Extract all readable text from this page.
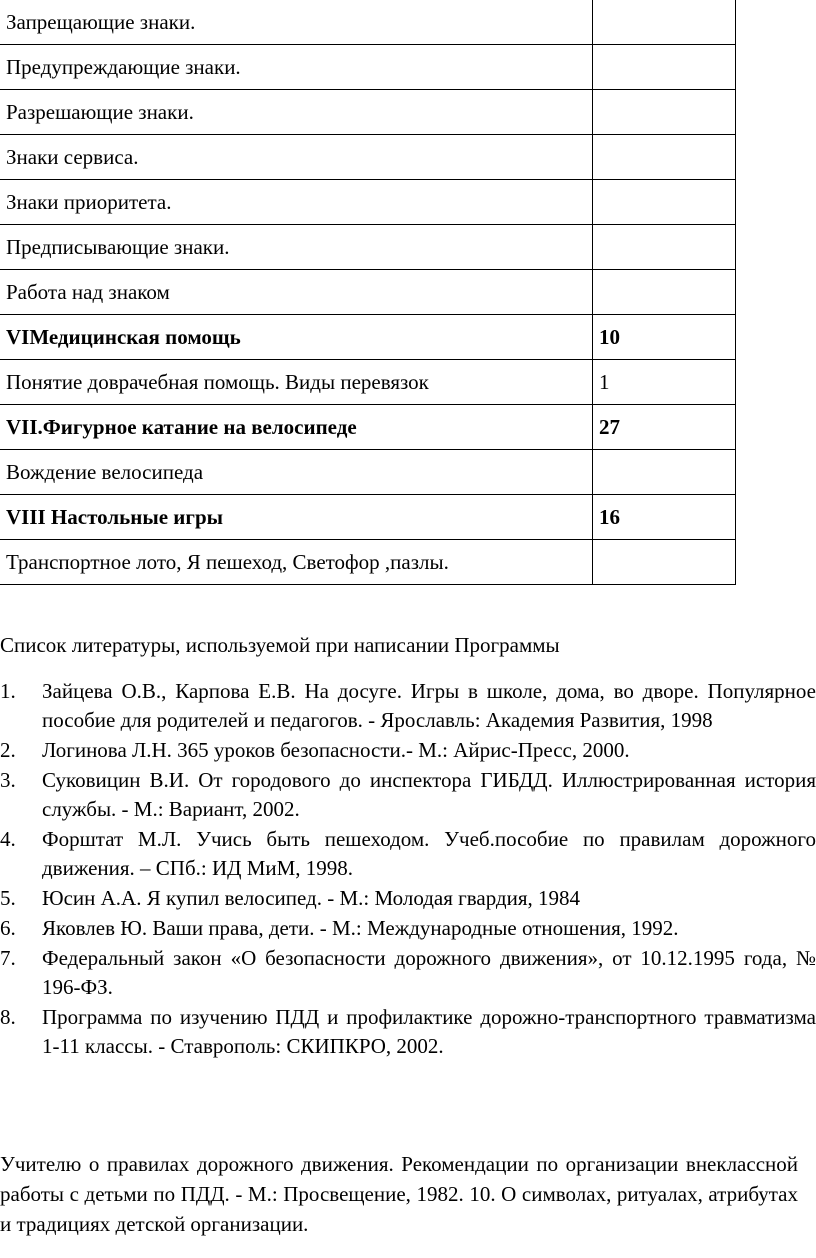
Запрещающие знаки.	
Предупреждающие знаки.	
Разрешающие знаки.	
Знаки сервиса.	
Знаки приоритета.	
Предписывающие знаки.	
Работа над знаком	
VIМедицинская помощь	10
Понятие доврачебная помощь. Виды перевязок	1
VII.Фигурное катание на велосипеде	27
Вождение велосипеда	
VIII Настольные игры	16
Транспортное лото, Я пешеход, Светофор ,пазлы.	
Список литературы, используемой при написании Программы
1. Зайцева О.В., Карпова Е.В. На досуге. Игры в школе, дома, во дворе. Популярное пособие для родителей и педагогов. - Ярославль: Академия Развития, 1998
2. Логинова Л.Н. 365 уроков безопасности.- М.: Айрис-Пресс, 2000.
3. Суковицин В.И. От городового до инспектора ГИБДД. Иллюстрированная история службы. - М.: Вариант, 2002.
4. Форштат М.Л. Учись быть пешеходом. Учеб.пособие по правилам дорожного движения. – СПб.: ИД МиМ, 1998.
5. Юсин А.А. Я купил велосипед. - М.: Молодая гвардия, 1984
6. Яковлев Ю. Ваши права, дети. - М.: Международные отношения, 1992.
7. Федеральный закон «О безопасности дорожного движения», от 10.12.1995 года, № 196-ФЗ.
8. Программа по изучению ПДД и профилактике дорожно-транспортного травматизма 1-11 классы. - Ставрополь: СКИПКРО, 2002.
Учителю о правилах дорожного движения. Рекомендации по организации внеклассной работы с детьми по ПДД. - М.: Просвещение, 1982. 10. О символах, ритуалах, атрибутах и традициях детской организации.
